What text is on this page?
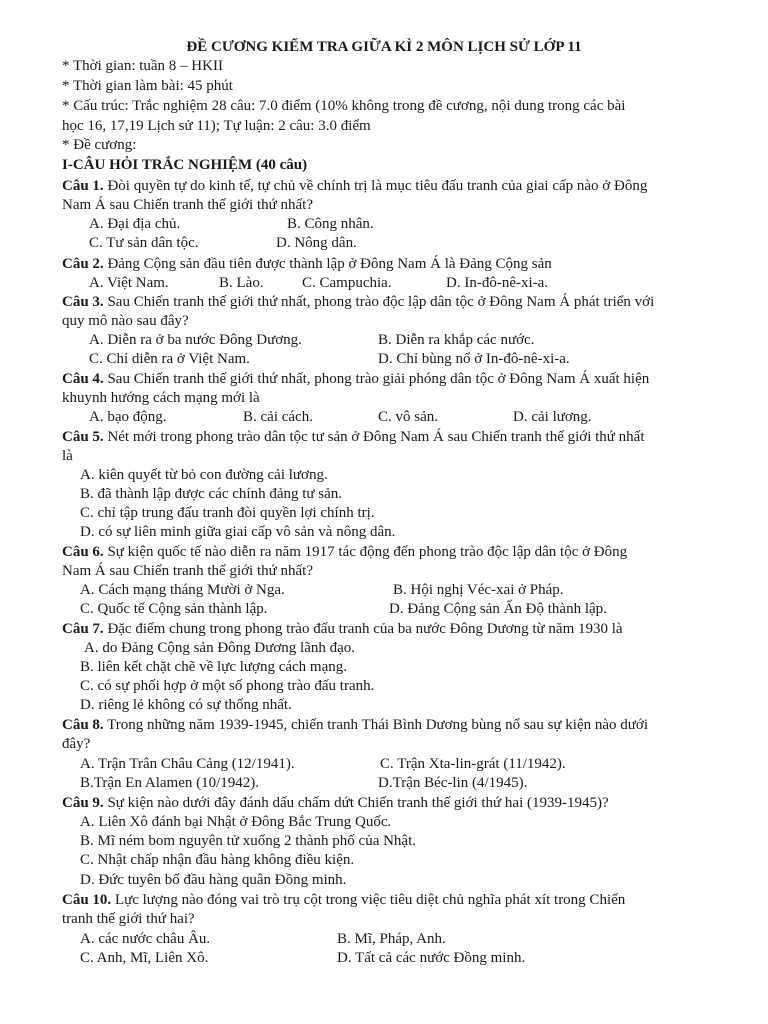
ĐỀ CƯƠNG KIỂM TRA GIỮA KÌ 2 MÔN LỊCH SỬ LỚP 11
* Thời gian: tuần 8 – HKII
* Thời gian làm bài: 45 phút
* Cấu trúc: Trắc nghiệm 28 câu: 7.0 điểm (10% không trong đề cương, nội dung trong các bài
học 16, 17,19 Lịch sử 11); Tự luận: 2 câu: 3.0 điểm
* Đề cương:
I-CÂU HỎI TRẮC NGHIỆM (40 câu)
Câu 1. Đòi quyền tự do kinh tế, tự chủ về chính trị là mục tiêu đấu tranh của giai cấp nào ở Đông
Nam Á sau Chiến tranh thế giới thứ nhất?
A. Đại địa chủ.	B. Công nhân.
C. Tư sản dân tộc.	D. Nông dân.
Câu 2. Đảng Cộng sản đầu tiên được thành lập ở Đông Nam Á là Đảng Cộng sản
A. Việt Nam.	B. Lào.	C. Campuchia.	D. In-đô-nê-xi-a.
Câu 3. Sau Chiến tranh thế giới thứ nhất, phong trào độc lập dân tộc ở Đông Nam Á phát triển với
quy mô nào sau đây?
A. Diễn ra ở ba nước Đông Dương.	B. Diễn ra khắp các nước.
C. Chỉ diễn ra ở Việt Nam.	D. Chỉ bùng nổ ở In-đô-nê-xi-a.
Câu 4. Sau Chiến tranh thế giới thứ nhất, phong trào giải phóng dân tộc ở Đông Nam Á xuất hiện
khuynh hướng cách mạng mới là
A. bạo động.	B. cải cách.	C. vô sản.	D. cải lương.
Câu 5. Nét mới trong phong trào dân tộc tư sản ở Đông Nam Á sau Chiến tranh thế giới thứ nhất
là
A. kiên quyết từ bỏ con đường cải lương.
B. đã thành lập được các chính đảng tư sản.
C. chỉ tập trung đấu tranh đòi quyền lợi chính trị.
D. có sự liên minh giữa giai cấp vô sản và nông dân.
Câu 6. Sự kiện quốc tế nào diễn ra năm 1917 tác động đến phong trào độc lập dân tộc ở Đông
Nam Á sau Chiến tranh thế giới thứ nhất?
A. Cách mạng tháng Mười ở Nga.	B. Hội nghị Véc-xai ở Pháp.
C. Quốc tế Cộng sản thành lập.	D. Đảng Cộng sản Ấn Độ thành lập.
Câu 7. Đặc điểm chung trong phong trào đấu tranh của ba nước Đông Dương từ năm 1930 là
A. do Đảng Cộng sản Đông Dương lãnh đạo.
B. liên kết chặt chẽ về lực lượng cách mạng.
C. có sự phối hợp ở một số phong trào đấu tranh.
D. riêng lẻ không có sự thống nhất.
Câu 8. Trong những năm 1939-1945, chiến tranh Thái Bình Dương bùng nổ sau sự kiện nào dưới
đây?
A. Trận Trân Châu Cảng (12/1941).	C. Trận Xta-lin-grát (11/1942).
B.Trận En Alamen (10/1942).	D.Trận Béc-lin (4/1945).
Câu 9. Sự kiện nào dưới đây đánh dấu chấm dứt Chiến tranh thế giới thứ hai (1939-1945)?
A. Liên Xô đánh bại Nhật ở Đông Bắc Trung Quốc.
B. Mĩ ném bom nguyên tử xuống 2 thành phố của Nhật.
C. Nhật chấp nhận đầu hàng không điều kiện.
D. Đức tuyên bố đầu hàng quân Đồng minh.
Câu 10. Lực lượng nào đóng vai trò trụ cột trong việc tiêu diệt chủ nghĩa phát xít trong Chiến
tranh thế giới thứ hai?
A. các nước châu Âu.	B. Mĩ, Pháp, Anh.
C. Anh, Mĩ, Liên Xô.	D. Tất cả các nước Đồng minh.
